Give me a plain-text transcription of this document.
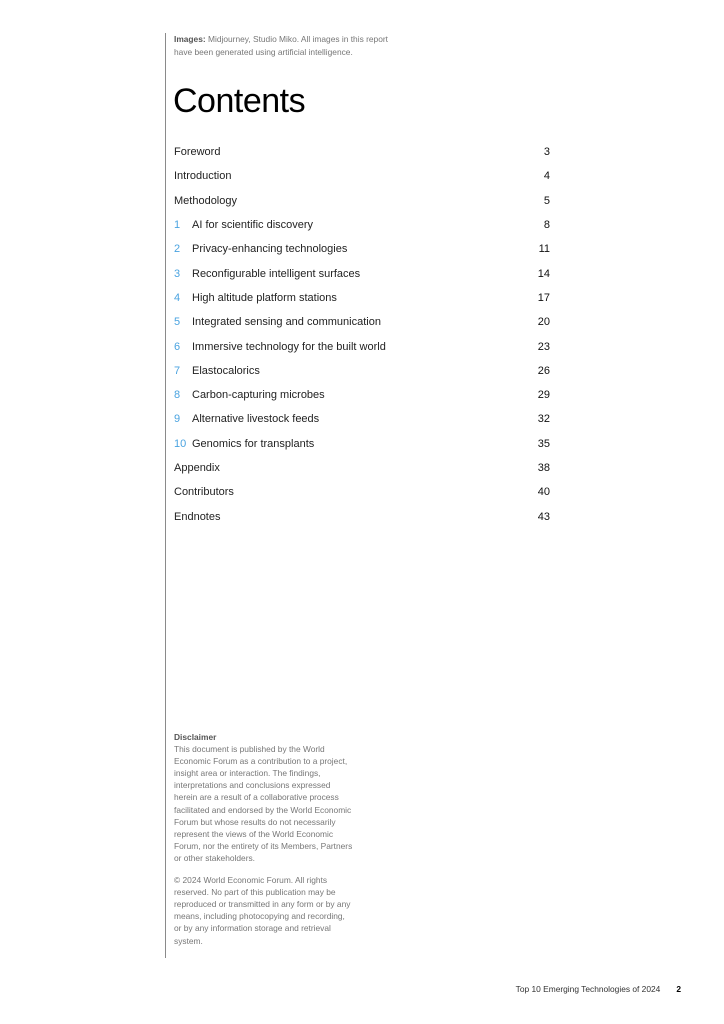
Images: Midjourney, Studio Miko. All images in this report have been generated using artificial intelligence.
Contents
Foreword	3
Introduction	4
Methodology	5
1	AI for scientific discovery	8
2	Privacy-enhancing technologies	11
3	Reconfigurable intelligent surfaces	14
4	High altitude platform stations	17
5	Integrated sensing and communication	20
6	Immersive technology for the built world	23
7	Elastocalorics	26
8	Carbon-capturing microbes	29
9	Alternative livestock feeds	32
10 Genomics for transplants	35
Appendix	38
Contributors	40
Endnotes	43

Disclaimer

This document is published by the World Economic Forum as a contribution to a project, insight area or interaction. The findings, interpretations and conclusions expressed herein are a result of a collaborative process facilitated and endorsed by the World Economic Forum but whose results do not necessarily represent the views of the World Economic Forum, nor the entirety of its Members, Partners or other stakeholders.

© 2024 World Economic Forum. All rights reserved. No part of this publication may be reproduced or transmitted in any form or by any means, including photocopying and recording, or by any information storage and retrieval system.

Top 10 Emerging Technologies of 2024 2
